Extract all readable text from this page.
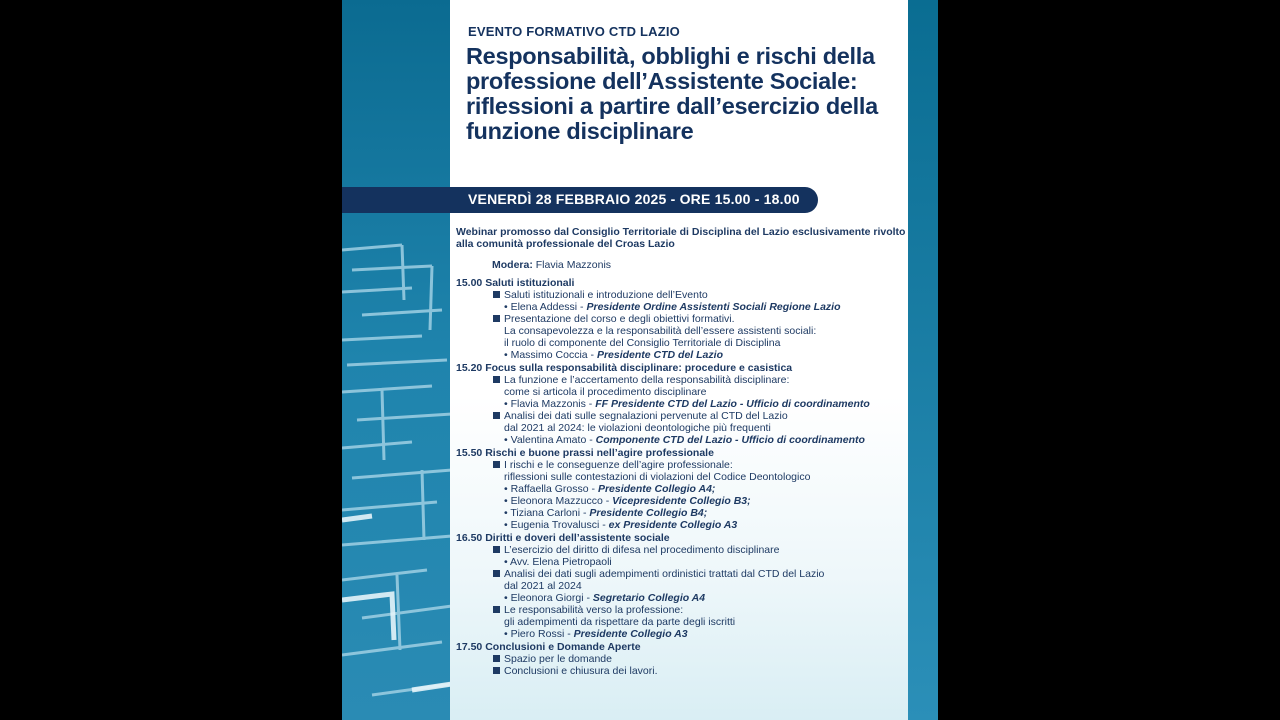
EVENTO FORMATIVO CTD LAZIO
Responsabilità, obblighi e rischi della professione dell’Assistente Sociale: riflessioni a partire dall’esercizio della funzione disciplinare
VENERDÌ 28 FEBBRAIO 2025 - ORE 15.00 - 18.00
Webinar promosso dal Consiglio Territoriale di Disciplina del Lazio esclusivamente rivolto alla comunità professionale del Croas Lazio
Modera: Flavia Mazzonis
15.00 Saluti istituzionali
Saluti istituzionali e introduzione dell’Evento
• Elena Addessi - Presidente Ordine Assistenti Sociali Regione Lazio
Presentazione del corso e degli obiettivi formativi.
La consapevolezza e la responsabilità dell’essere assistenti sociali:
il ruolo di componente del Consiglio Territoriale di Disciplina
• Massimo Coccia - Presidente CTD del Lazio
15.20 Focus sulla responsabilità disciplinare: procedure e casistica
La funzione e l’accertamento della responsabilità disciplinare:
come si articola il procedimento disciplinare
• Flavia Mazzonis - FF Presidente CTD del Lazio - Ufficio di coordinamento
Analisi dei dati sulle segnalazioni pervenute al CTD del Lazio
dal 2021 al 2024: le violazioni deontologiche più frequenti
• Valentina Amato - Componente CTD del Lazio - Ufficio di coordinamento
15.50 Rischi e buone prassi nell’agire professionale
I rischi e le conseguenze dell’agire professionale:
riflessioni sulle contestazioni di violazioni del Codice Deontologico
• Raffaella Grosso - Presidente Collegio A4;
• Eleonora Mazzucco - Vicepresidente Collegio B3;
• Tiziana Carloni - Presidente Collegio B4;
• Eugenia Trovalusci - ex Presidente Collegio A3
16.50 Diritti e doveri dell’assistente sociale
L’esercizio del diritto di difesa nel procedimento disciplinare
• Avv. Elena Pietropaoli
Analisi dei dati sugli adempimenti ordinistici trattati dal CTD del Lazio
dal 2021 al 2024
• Eleonora Giorgi - Segretario Collegio A4
Le responsabilità verso la professione:
gli adempimenti da rispettare da parte degli iscritti
• Piero Rossi - Presidente Collegio A3
17.50 Conclusioni e Domande Aperte
Spazio per le domande
Conclusioni e chiusura dei lavori.
